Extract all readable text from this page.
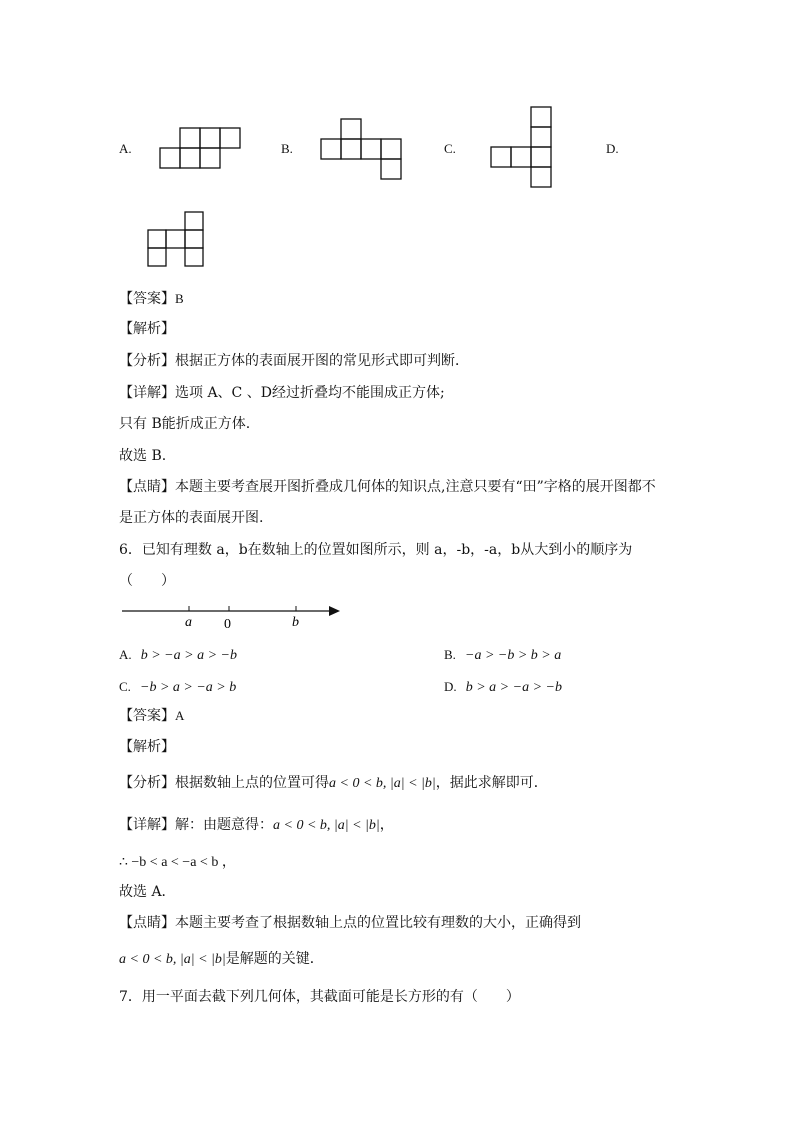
A.	B.	C.	D.
【答案】B
【解析】
【分析】根据正方体的表面展开图的常见形式即可判断．
【详解】选项 A、C 、D经过折叠均不能围成正方体;
只有 B能折成正方体.
故选 B.
【点睛】本题主要考查展开图折叠成几何体的知识点,注意只要有“田”字格的展开图都不
是正方体的表面展开图.
6．已知有理数 a，b在数轴上的位置如图所示，则 a，-b，-a，b从大到小的顺序为
（　　）
a 0	b
A. b > −a > a > −b	B. −a > −b > b > a
C. −b > a > −a > b	D. b > a > −a > −b
【答案】A
【解析】
【分析】根据数轴上点的位置可得a < 0 < b, |a| < |b|，据此求解即可．
【详解】解：由题意得：a < 0 < b, |a| < |b|，
∴ −b < a < −a < b ，
故选 A．
【点睛】本题主要考查了根据数轴上点的位置比较有理数的大小，正确得到
a < 0 < b, |a| < |b|是解题的关键．
7．用一平面去截下列几何体，其截面可能是长方形的有（　　）
